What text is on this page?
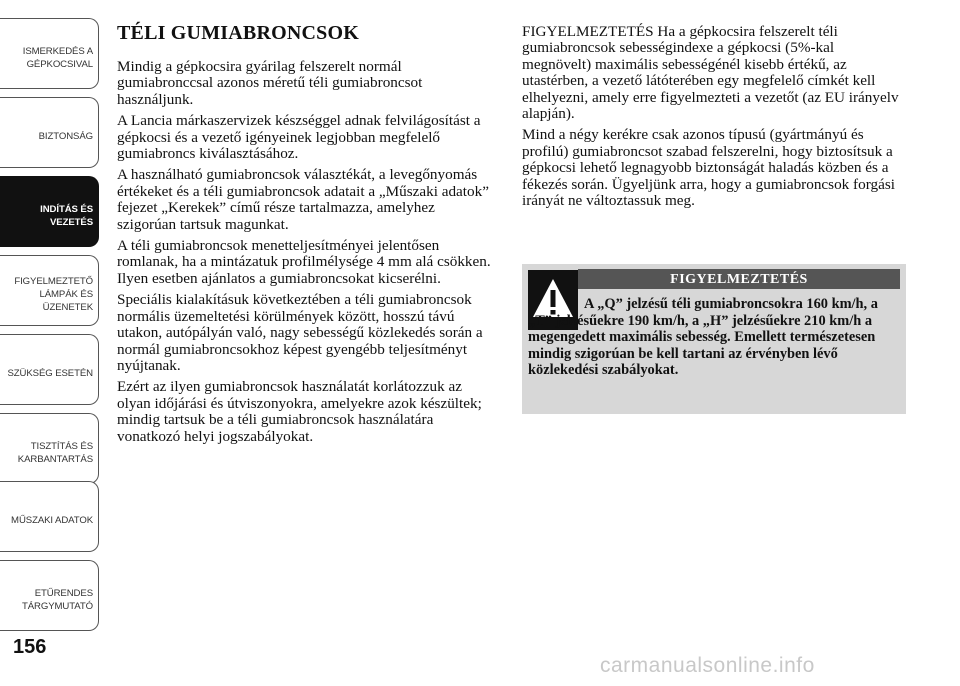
ISMERKEDÉS A
GÉPKOCSIVAL
BIZTONSÁG
INDÍTÁS ÉS
VEZETÉS
FIGYELMEZTETŐ
LÁMPÁK ÉS
ÜZENETEK
SZÜKSÉG ESETÉN
TISZTÍTÁS ÉS
KARBANTARTÁS
MŰSZAKI ADATOK
ETŰRENDES
TÁRGYMUTATÓ
156
TÉLI GUMIABRONCSOK

Mindig a gépkocsira gyárilag felszerelt normál gumiabronccsal azonos méretű téli gumiabroncsot használjunk.

A Lancia márkaszervizek készséggel adnak felvilágosítást a gépkocsi és a vezető igényeinek legjobban megfelelő gumiabroncs kiválasztásához.

A használható gumiabroncsok választékát, a levegőnyomás értékeket és a téli gumiabroncsok adatait a „Műszaki adatok” fejezet „Kerekek” című része tartalmazza, amelyhez szigorúan tartsuk magunkat.

A téli gumiabroncsok menetteljesítményei jelentősen romlanak, ha a mintázatuk profilmélysége 4 mm alá csökken. Ilyen esetben ajánlatos a gumiabroncsokat kicserélni.

Speciális kialakításuk következtében a téli gumiabroncsok normális üzemeltetési körülmények között, hosszú távú utakon, autópályán való, nagy sebességű közlekedés során a normál gumiabroncsokhoz képest gyengébb teljesítményt nyújtanak.

Ezért az ilyen gumiabroncsok használatát korlátozzuk az olyan időjárási és útviszonyokra, amelyekre azok készültek; mindig tartsuk be a téli gumiabroncsok használatára vonatkozó helyi jogszabályokat.

FIGYELMEZTETÉS Ha a gépkocsira felszerelt téli gumiabroncsok sebességindexe a gépkocsi (5%-kal megnövelt) maximális sebességénél kisebb értékű, az utastérben, a vezető látóterében egy megfelelő címkét kell elhelyezni, amely erre figyelmezteti a vezetőt (az EU irányelv alapján).

Mind a négy kerékre csak azonos típusú (gyártmányú és profilú) gumiabroncsot szabad felszerelni, hogy biztosítsuk a gépkocsi lehető legnagyobb biztonságát haladás közben és a fékezés során. Ügyeljünk arra, hogy a gumiabroncsok forgási irányát ne változtassuk meg.

FIGYELMEZTETÉS
A „Q” jelzésű téli gumiabroncsokra 160 km/h, a „T” jelzésűekre 190 km/h, a „H” jelzésűekre 210 km/h a megengedett maximális sebesség. Emellett természetesen mindig szigorúan be kell tartani az érvényben lévő közlekedési szabályokat.
carmanualsonline.info
